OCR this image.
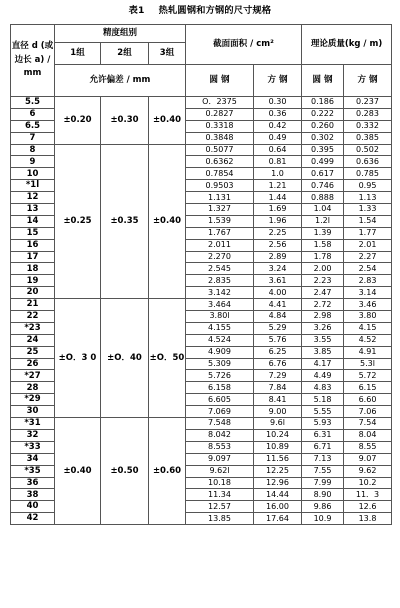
表1 热轧圆钢和方钢的尺寸规格
直径 d (或边长 a) / mm	精度组别			截面面积 / cm²		理论质量(kg / m)	
	1组	2组	3组				
	允许偏差 / mm			圆 钢	方 钢	圆 钢	方 钢
5.5	±0.20	±0.30	±0.40	O．2375	0.30	0.186	0.237
6				0.2827	0.36	0.222	0.283
6.5				0.3318	0.42	0.260	0.332
7				0.3848	0.49	0.302	0.385
8	±0.25	±0.35	±0.40	0.5077	0.64	0.395	0.502
9				0.6362	0.81	0.499	0.636
10				0.7854	1.0	0.617	0.785
*1l				0.9503	1.21	0.746	0.95
12				1.131	1.44	0.888	1.13
13				1.327	1.69	1.04	1.33
14				1.539	1.96	1.2l	1.54
15				1.767	2.25	1.39	1.77
16				2.011	2.56	1.58	2.01
17				2.270	2.89	1.78	2.27
18				2.545	3.24	2.00	2.54
19				2.835	3.61	2.23	2.83
20				3.142	4.00	2.47	3.14
21	±O．3 0	±O．40	±O．50	3.464	4.41	2.72	3.46
22				3.80l	4.84	2.98	3.80
*23				4.155	5.29	3.26	4.15
24				4.524	5.76	3.55	4.52
25				4.909	6.25	3.85	4.91
26				5.309	6.76	4.17	5.3l
*27				5.726	7.29	4.49	5.72
28				6.158	7.84	4.83	6.15
*29				6.605	8.41	5.18	6.60
30				7.069	9.00	5.55	7.06
*31	±0.40	±0.50	±0.60	7.548	9.6l	5.93	7.54
32				8.042	10.24	6.31	8.04
*33				8.553	10.89	6.71	8.55
34				9.097	11.56	7.13	9.07
*35				9.62l	12.25	7.55	9.62
36				10.18	12.96	7.99	10.2
38				11.34	14.44	8.90	11．3
40				12.57	16.00	9.86	12.6
42				13.85	17.64	10.9	13.8
